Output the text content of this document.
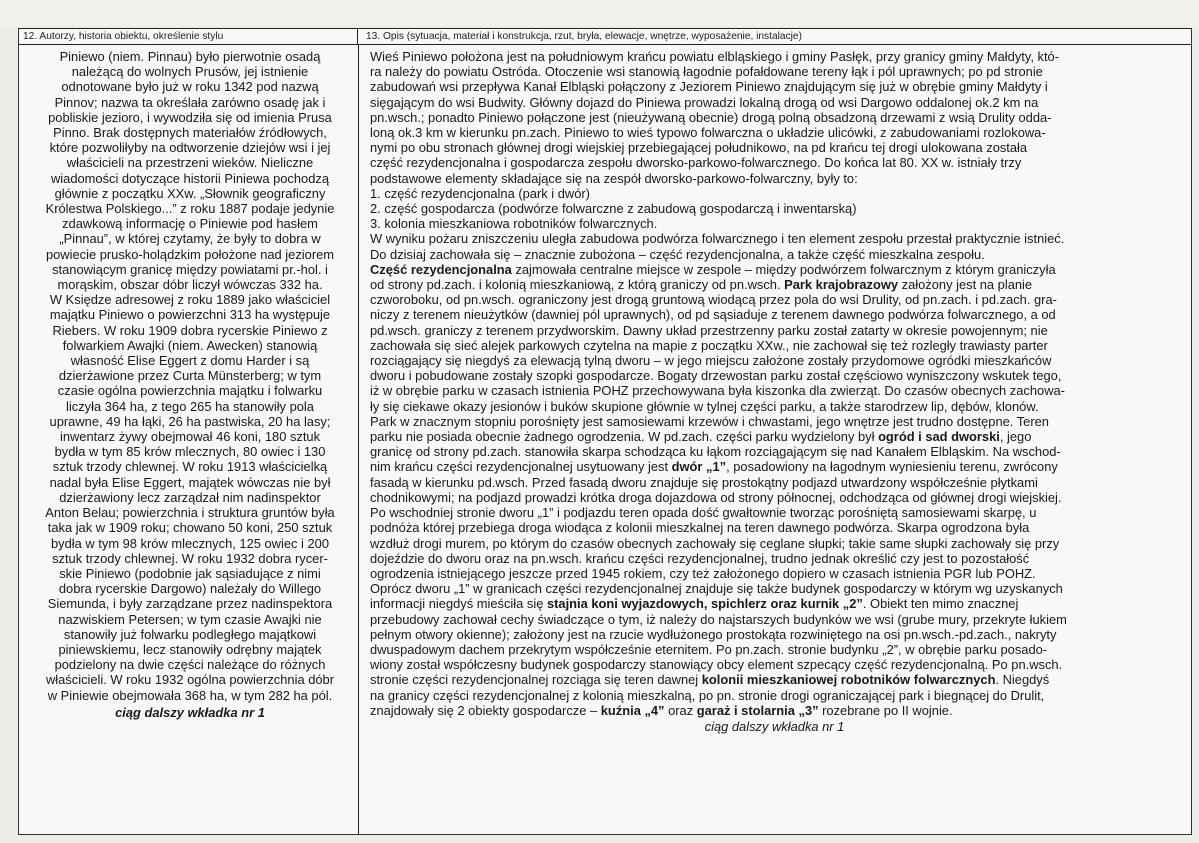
12. Autorzy, historia obiektu, określenie stylu	13. Opis (sytuacja, materiał i konstrukcja, rzut, bryła, elewacje, wnętrze, wyposażenie, instalacje)

Piniewo (niem. Pinnau) było pierwotnie osadą
należącą do wolnych Prusów, jej istnienie
odnotowane było już w roku 1342 pod nazwą
Pinnov; nazwa ta określała zarówno osadę jak i
pobliskie jezioro, i wywodziła się od imienia Prusa
Pinno. Brak dostępnych materiałów źródłowych,
które pozwoliłyby na odtworzenie dziejów wsi i jej
właścicieli na przestrzeni wieków. Nieliczne
wiadomości dotyczące historii Piniewa pochodzą
głównie z początku XXw. „Słownik geograficzny
Królestwa Polskiego...” z roku 1887 podaje jedynie
zdawkową informację o Piniewie pod hasłem
„Pinnau”, w której czytamy, że były to dobra w
powiecie prusko-holądzkim położone nad jeziorem
stanowiącym granicę między powiatami pr.-hol. i
morąskim, obszar dóbr liczył wówczas 332 ha.
W Księdze adresowej z roku 1889 jako właściciel
majątku Piniewo o powierzchni 313 ha występuje
Riebers. W roku 1909 dobra rycerskie Piniewo z
folwarkiem Awajki (niem. Awecken) stanowią
własność Elise Eggert z domu Harder i są
dzierżawione przez Curta Münsterberg; w tym
czasie ogólna powierzchnia majątku i folwarku
liczyła 364 ha, z tego 265 ha stanowiły pola
uprawne, 49 ha łąki, 26 ha pastwiska, 20 ha lasy;
inwentarz żywy obejmował 46 koni, 180 sztuk
bydła w tym 85 krów mlecznych, 80 owiec i 130
sztuk trzody chlewnej. W roku 1913 właścicielką
nadal była Elise Eggert, majątek wówczas nie był
dzierżawiony lecz zarządzał nim nadinspektor
Anton Belau; powierzchnia i struktura gruntów była
taka jak w 1909 roku; chowano 50 koni, 250 sztuk
bydła w tym 98 krów mlecznych, 125 owiec i 200
sztuk trzody chlewnej. W roku 1932 dobra rycer-
skie Piniewo (podobnie jak sąsiadujące z nimi
dobra rycerskie Dargowo) należały do Willego
Siemunda, i były zarządzane przez nadinspektora
nazwiskiem Petersen; w tym czasie Awajki nie
stanowiły już folwarku podległego majątkowi
piniewskiemu, lecz stanowiły odrębny majątek
podzielony na dwie części należące do różnych
właścicieli. W roku 1932 ogólna powierzchnia dóbr
w Piniewie obejmowała 368 ha, w tym 282 ha pól.

ciąg dalszy wkładka nr 1

Wieś Piniewo położona jest na południowym krańcu powiatu elbląskiego i gminy Pasłęk, przy granicy gminy Małdyty, któ-
ra należy do powiatu Ostróda. Otoczenie wsi stanowią łagodnie pofałdowane tereny łąk i pól uprawnych; po pd stronie
zabudowań wsi przepływa Kanał Elbląski połączony z Jeziorem Piniewo znajdującym się już w obrębie gminy Małdyty i
sięgającym do wsi Budwity. Główny dojazd do Piniewa prowadzi lokalną drogą od wsi Dargowo oddalonej ok.2 km na
pn.wsch.; ponadto Piniewo połączone jest (nieużywaną obecnie) drogą polną obsadzoną drzewami z wsią Drulity odda-
loną ok.3 km w kierunku pn.zach. Piniewo to wieś typowo folwarczna o układzie ulicówki, z zabudowaniami rozlokowa-
nymi po obu stronach głównej drogi wiejskiej przebiegającej południkowo, na pd krańcu tej drogi ulokowana została
część rezydencjonalna i gospodarcza zespołu dworsko-parkowo-folwarcznego. Do końca lat 80. XX w. istniały trzy
podstawowe elementy składające się na zespół dworsko-parkowo-folwarczny, były to:

1. część rezydencjonalna (park i dwór)

2. część gospodarcza (podwórze folwarczne z zabudową gospodarczą i inwentarską)

3. kolonia mieszkaniowa robotników folwarcznych.

W wyniku pożaru zniszczeniu uległa zabudowa podwórza folwarcznego i ten element zespołu przestał praktycznie istnieć.
Do dzisiaj zachowała się – znacznie zubożona – część rezydencjonalna, a także część mieszkalna zespołu.

Część rezydencjonalna zajmowała centralne miejsce w zespole – między podwórzem folwarcznym z którym graniczyła
od strony pd.zach. i kolonią mieszkaniową, z którą graniczy od pn.wsch. Park krajobrazowy założony jest na planie
czworoboku, od pn.wsch. ograniczony jest drogą gruntową wiodącą przez pola do wsi Drulity, od pn.zach. i pd.zach. gra-
niczy z terenem nieużytków (dawniej pól uprawnych), od pd sąsiaduje z terenem dawnego podwórza folwarcznego, a od
pd.wsch. graniczy z terenem przydworskim. Dawny układ przestrzenny parku został zatarty w okresie powojennym; nie
zachowała się sieć alejek parkowych czytelna na mapie z początku XXw., nie zachował się też rozległy trawiasty parter
rozciągający się niegdyś za elewacją tylną dworu – w jego miejscu założone zostały przydomowe ogródki mieszkańców
dworu i pobudowane zostały szopki gospodarcze. Bogaty drzewostan parku został częściowo wyniszczony wskutek tego,
iż w obrębie parku w czasach istnienia POHZ przechowywana była kiszonka dla zwierząt. Do czasów obecnych zachowa-
ły się ciekawe okazy jesionów i buków skupione głównie w tylnej części parku, a także starodrzew lip, dębów, klonów.
Park w znacznym stopniu porośnięty jest samosiewami krzewów i chwastami, jego wnętrze jest trudno dostępne. Teren
parku nie posiada obecnie żadnego ogrodzenia. W pd.zach. części parku wydzielony był ogród i sad dworski, jego
granicę od strony pd.zach. stanowiła skarpa schodząca ku łąkom rozciągającym się nad Kanałem Elbląskim. Na wschod-
nim krańcu części rezydencjonalnej usytuowany jest dwór „1”, posadowiony na łagodnym wyniesieniu terenu, zwrócony
fasadą w kierunku pd.wsch. Przed fasadą dworu znajduje się prostokątny podjazd utwardzony współcześnie płytkami
chodnikowymi; na podjazd prowadzi krótka droga dojazdowa od strony północnej, odchodząca od głównej drogi wiejskiej.
Po wschodniej stronie dworu „1” i podjazdu teren opada dość gwałtownie tworząc porośniętą samosiewami skarpę, u
podnóża której przebiega droga wiodąca z kolonii mieszkalnej na teren dawnego podwórza. Skarpa ogrodzona była
wzdłuż drogi murem, po którym do czasów obecnych zachowały się ceglane słupki; takie same słupki zachowały się przy
dojeździe do dworu oraz na pn.wsch. krańcu części rezydencjonalnej, trudno jednak określić czy jest to pozostałość
ogrodzenia istniejącego jeszcze przed 1945 rokiem, czy też założonego dopiero w czasach istnienia PGR lub POHZ.
Oprócz dworu „1” w granicach części rezydencjonalnej znajduje się także budynek gospodarczy w którym wg uzyskanych
informacji niegdyś mieściła się stajnia koni wyjazdowych, spichlerz oraz kurnik „2”. Obiekt ten mimo znacznej
przebudowy zachował cechy świadczące o tym, iż należy do najstarszych budynków we wsi (grube mury, przekryte łukiem
pełnym otwory okienne); założony jest na rzucie wydłużonego prostokąta rozwiniętego na osi pn.wsch.-pd.zach., nakryty
dwuspadowym dachem przekrytym współcześnie eternitem. Po pn.zach. stronie budynku „2”, w obrębie parku posado-
wiony został współczesny budynek gospodarczy stanowiący obcy element szpecący część rezydencjonalną. Po pn.wsch.
stronie części rezydencjonalnej rozciąga się teren dawnej kolonii mieszkaniowej robotników folwarcznych. Niegdyś
na granicy części rezydencjonalnej z kolonią mieszkalną, po pn. stronie drogi ograniczającej park i biegnącej do Drulit,
znajdowały się 2 obiekty gospodarcze – kuźnia „4” oraz garaż i stolarnia „3” rozebrane po II wojnie.

ciąg dalszy wkładka nr 1
